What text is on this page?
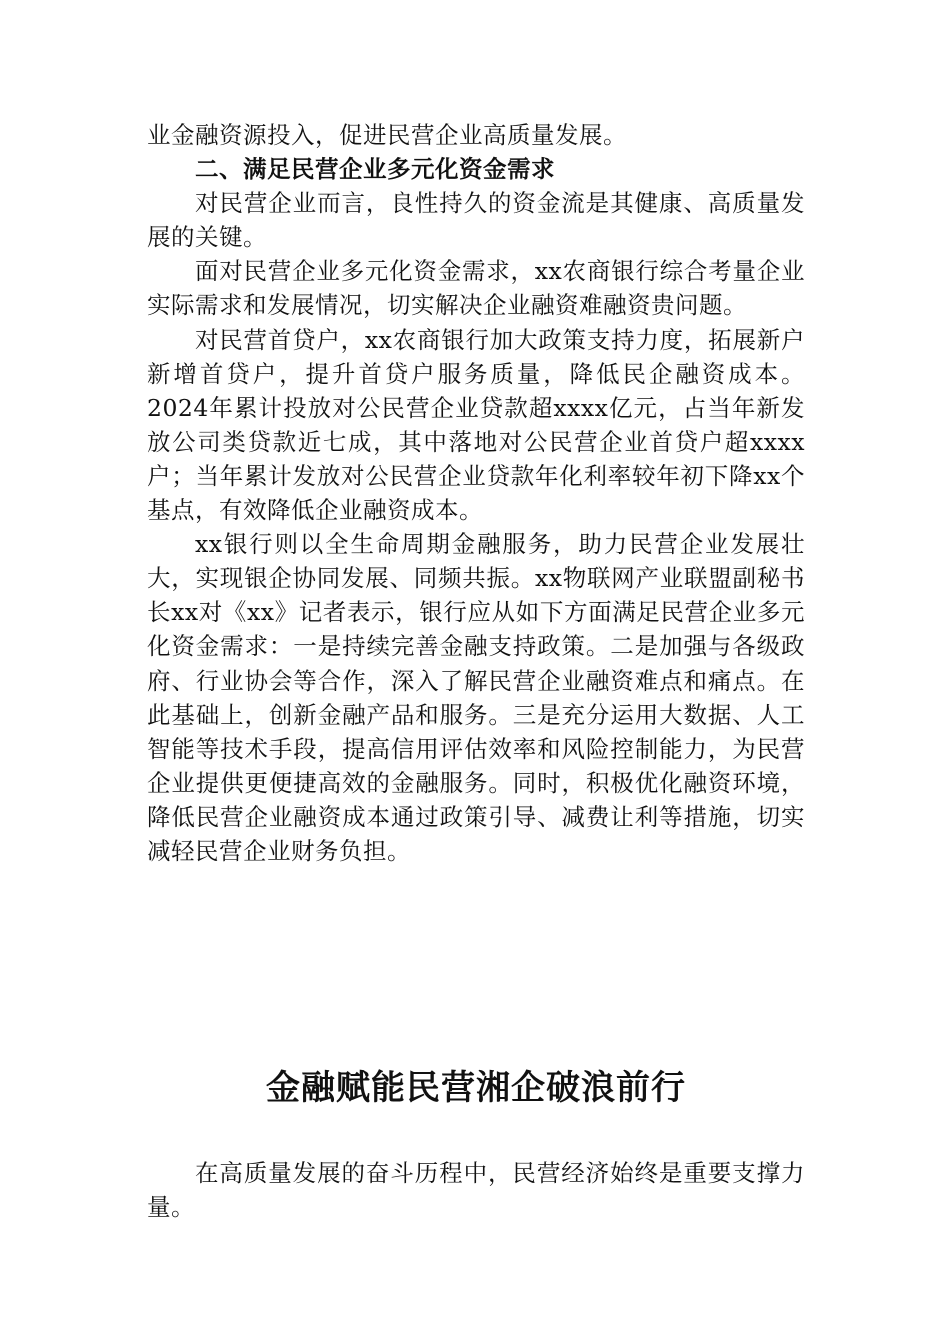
业金融资源投入，促进民营企业高质量发展。

二、满足民营企业多元化资金需求

对民营企业而言，良性持久的资金流是其健康、高质量发展的关键。

面对民营企业多元化资金需求，xx农商银行综合考量企业实际需求和发展情况，切实解决企业融资难融资贵问题。

对民营首贷户，xx农商银行加大政策支持力度，拓展新户新增首贷户，提升首贷户服务质量，降低民企融资成本。2024年累计投放对公民营企业贷款超xxxx亿元，占当年新发放公司类贷款近七成，其中落地对公民营企业首贷户超xxxx户；当年累计发放对公民营企业贷款年化利率较年初下降xx个基点，有效降低企业融资成本。

xx银行则以全生命周期金融服务，助力民营企业发展壮大，实现银企协同发展、同频共振。xx物联网产业联盟副秘书长xx对《xx》记者表示，银行应从如下方面满足民营企业多元化资金需求：一是持续完善金融支持政策。二是加强与各级政府、行业协会等合作，深入了解民营企业融资难点和痛点。在此基础上，创新金融产品和服务。三是充分运用大数据、人工智能等技术手段，提高信用评估效率和风险控制能力，为民营企业提供更便捷高效的金融服务。同时，积极优化融资环境，降低民营企业融资成本通过政策引导、减费让利等措施，切实减轻民营企业财务负担。

金融赋能民营湘企破浪前行

在高质量发展的奋斗历程中，民营经济始终是重要支撑力量。
